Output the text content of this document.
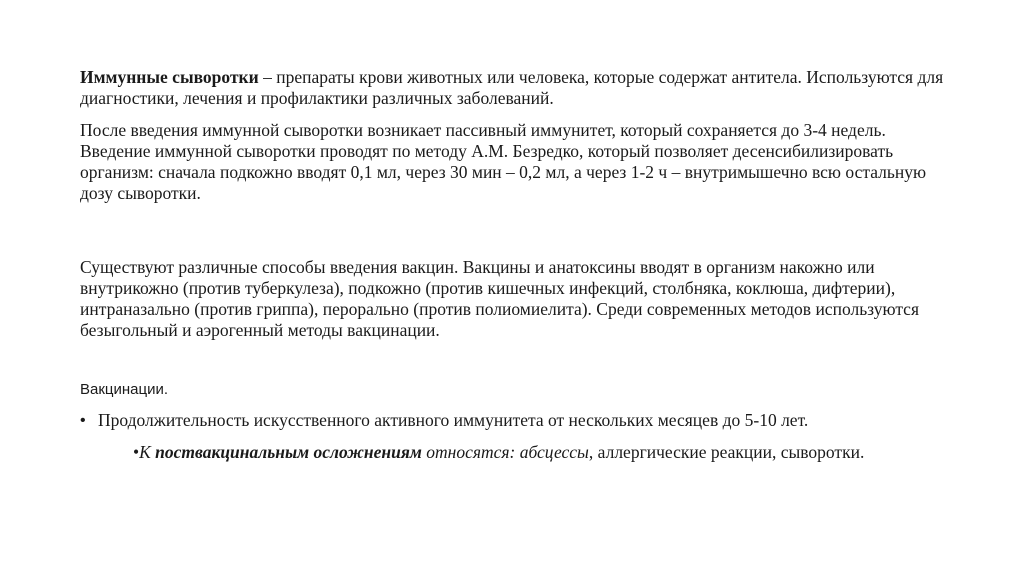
Иммунные сыворотки – препараты крови животных или человека, которые содержат антитела. Используются для диагностики, лечения и профилактики различных заболеваний.

После введения иммунной сыворотки возникает пассивный иммунитет, который сохраняется до 3-4 недель. Введение иммунной сыворотки проводят по методу А.М. Безредко, который позволяет десенсибилизировать организм: сначала подкожно вводят 0,1 мл, через 30 мин – 0,2 мл, а через 1-2 ч – внутримышечно всю остальную дозу сыворотки.

Существуют различные способы введения вакцин. Вакцины и анатоксины вводят в организм накожно или внутрикожно (против туберкулеза), подкожно (против кишечных инфекций, столбняка, коклюша, дифтерии), интраназально (против гриппа), перорально (против полиомиелита). Среди современных методов используются безыгольный и аэрогенный методы вакцинации.

Вакцинации.

• Продолжительность искусственного активного иммунитета от нескольких месяцев до 5-10 лет.
•К поствакцинальным осложнениям относятся: абсцессы, аллергические реакции, сыворотки.
